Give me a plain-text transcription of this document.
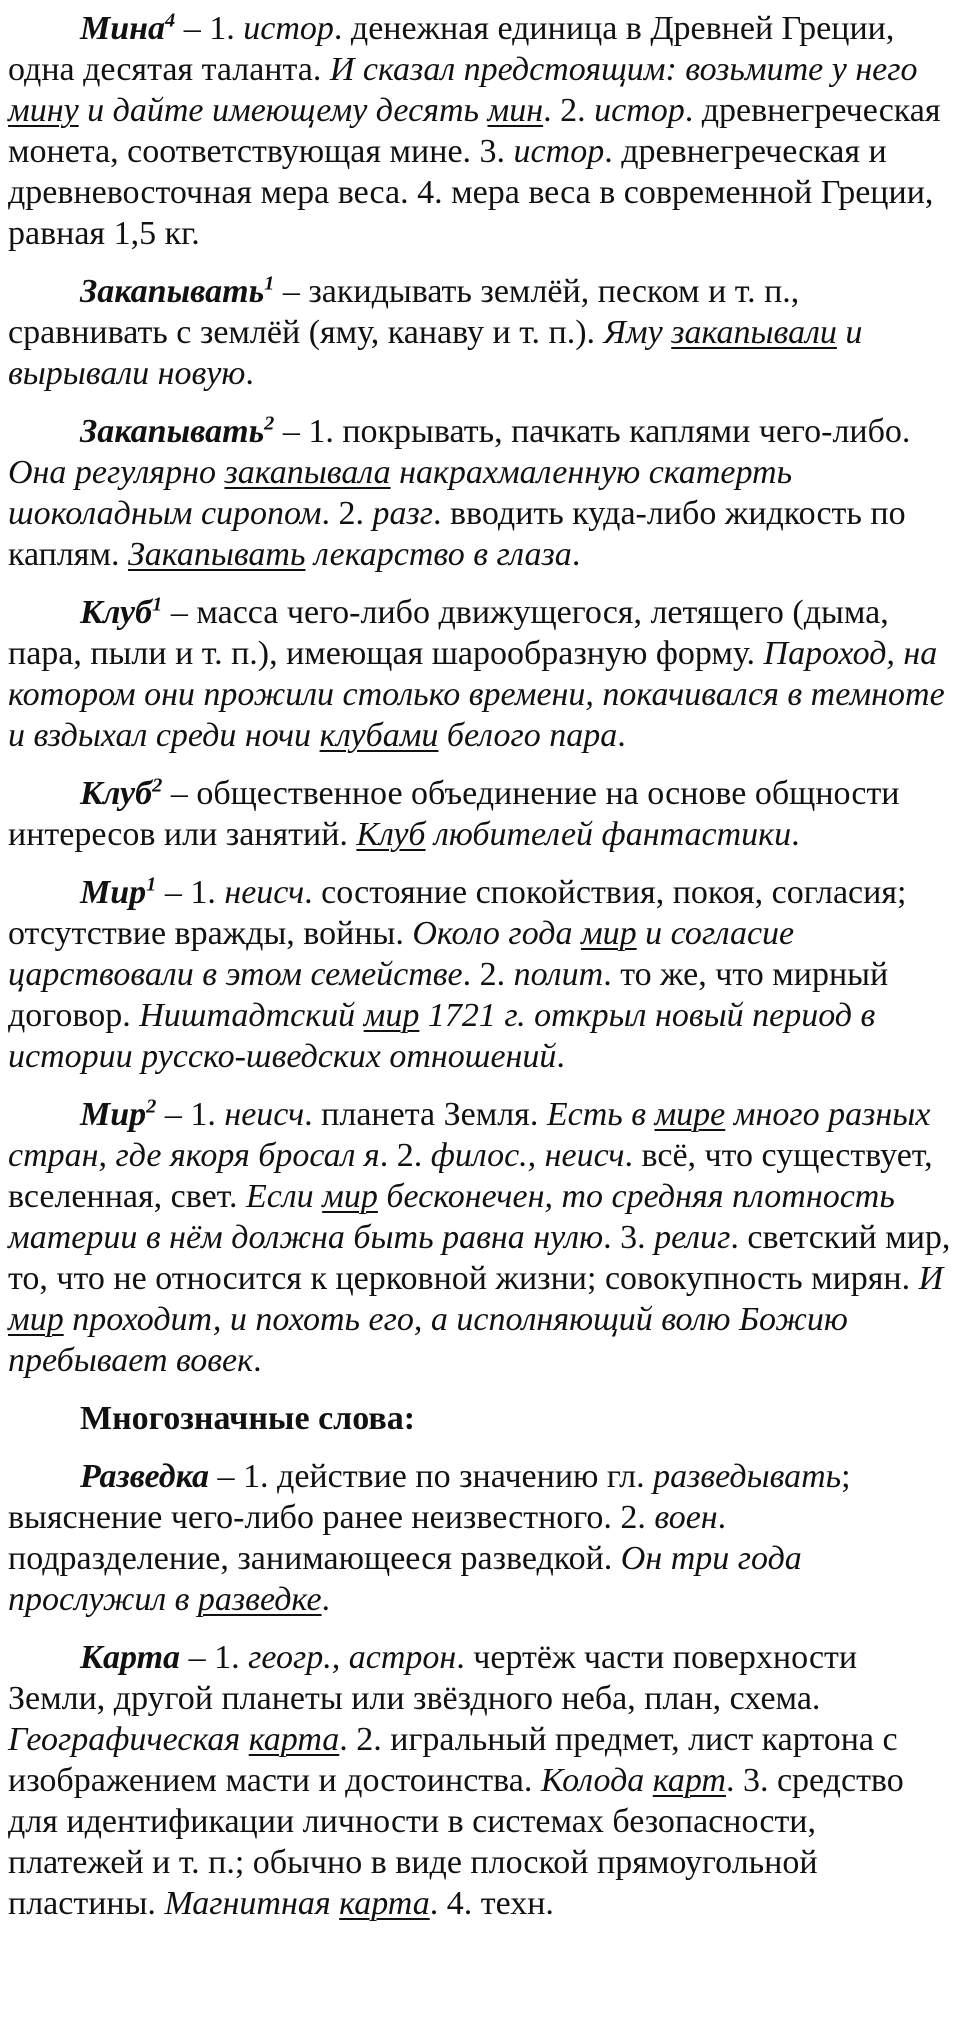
Мина$^4$ – 1. истор. денежная единица в Древней Греции, одна десятая таланта. И сказал предстоящим: возьмите у него мину и дайте имеющему десять мин. 2. истор. древнегреческая монета, соответствующая мине. 3. истор. древнегреческая и древневосточная мера веса. 4. мера веса в современной Греции, равная 1,5 кг.

Закапывать$^1$ – закидывать землёй, песком и т. п., сравнивать с землёй (яму, канаву и т. п.). Яму закапывали и вырывали новую.

Закапывать$^2$ – 1. покрывать, пачкать каплями чего-либо. Она регулярно закапывала накрахмаленную скатерть шоколадным сиропом. 2. разг. вводить куда-либо жидкость по каплям. Закапывать лекарство в глаза.

Клуб$^1$ – масса чего-либо движущегося, летящего (дыма, пара, пыли и т. п.), имеющая шарообразную форму. Пароход, на котором они прожили столько времени, покачивался в темноте и вздыхал среди ночи клубами белого пара.

Клуб$^2$ – общественное объединение на основе общности интересов или занятий. Клуб любителей фантастики.

Мир$^1$ – 1. неисч. состояние спокойствия, покоя, согласия; отсутствие вражды, войны. Около года мир и согласие царствовали в этом семействе. 2. полит. то же, что мирный договор. Ништадтский мир 1721 г. открыл новый период в истории русско-шведских отношений.

Мир$^2$ – 1. неисч. планета Земля. Есть в мире много разных стран, где якоря бросал я. 2. филос., неисч. всё, что существует, вселенная, свет. Если мир бесконечен, то средняя плотность материи в нём должна быть равна нулю. 3. религ. светский мир, то, что не относится к церковной жизни; совокупность мирян. И мир проходит, и похоть его, а исполняющий волю Божию пребывает вовек.

Многозначные слова:

Разведка – 1. действие по значению гл. разведывать; выяснение чего-либо ранее неизвестного. 2. воен. подразделение, занимающееся разведкой. Он три года прослужил в разведке.

Карта – 1. геогр., астрон. чертёж части поверхности Земли, другой планеты или звёздного неба, план, схема. Географическая карта. 2. игральный предмет, лист картона с изображением масти и достоинства. Колода карт. 3. средство для идентификации личности в системах безопасности, платежей и т. п.; обычно в виде плоской прямоугольной пластины. Магнитная карта. 4. техн.
